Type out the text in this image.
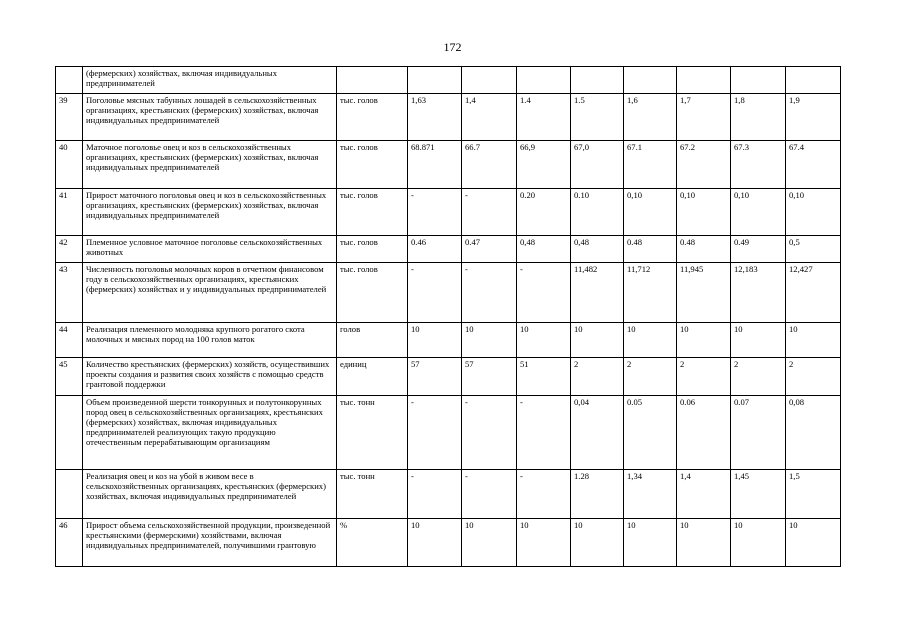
172
	(фермерских) хозяйствах, включая индивидуальных предпринимателей									
39	Поголовье мясных табунных лошадей в сельскохозяйственных организациях, крестьянских (фермерских) хозяйствах, включая индивидуальных предпринимателей	тыс. голов	1,63	1,4	1.4	1.5	1,6	1,7	1,8	1,9
40	Маточное поголовье овец и коз в сельскохозяйственных организациях, крестьянских (фермерских) хозяйствах, включая индивидуальных предпринимателей	тыс. голов	68.871	66.7	66,9	67,0	67.1	67.2	67.3	67.4
41	Прирост маточного поголовья овец и коз в сельскохозяйственных организациях, крестьянских (фермерских) хозяйствах, включая индивидуальных предпринимателей	тыс. голов	-	-	0.20	0.10	0,10	0,10	0,10	0,10
42	Племенное условное маточное поголовье сельскохозяйственных животных	тыс. голов	0.46	0.47	0,48	0,48	0.48	0.48	0.49	0,5
43	Численность поголовья молочных коров в отчетном финансовом году в сельскохозяйственных организациях, крестьянских (фермерских) хозяйствах и у индивидуальных предпринимателей	тыс. голов	-	-	-	11,482	11,712	11,945	12,183	12,427
44	Реализация племенного молодняка крупного рогатого скота молочных и мясных пород на 100 голов маток	голов	10	10	10	10	10	10	10	10
45	Количество крестьянских (фермерских) хозяйств, осуществивших проекты создания и развития своих хозяйств с помощью средств грантовой поддержки	единиц	57	57	51	2	2	2	2	2
	Объем произведенной шерсти тонкорунных и полутонкорунных пород овец в сельскохозяйственных организациях, крестьянских (фермерских) хозяйствах, включая индивидуальных предпринимателей реализующих такую продукцию отечественным перерабатывающим организациям	тыс. тонн	-	-	-	0,04	0.05	0.06	0.07	0,08
	Реализация овец и коз на убой в живом весе в сельскохозяйственных организациях, крестьянских (фермерских) хозяйствах, включая индивидуальных предпринимателей	тыс. тонн	-	-	-	1.28	1,34	1,4	1,45	1,5
46	Прирост объема сельскохозяйственной продукции, произведенной крестьянскими (фермерскими) хозяйствами, включая индивидуальных предпринимателей, получившими грантовую	%	10	10	10	10	10	10	10	10
